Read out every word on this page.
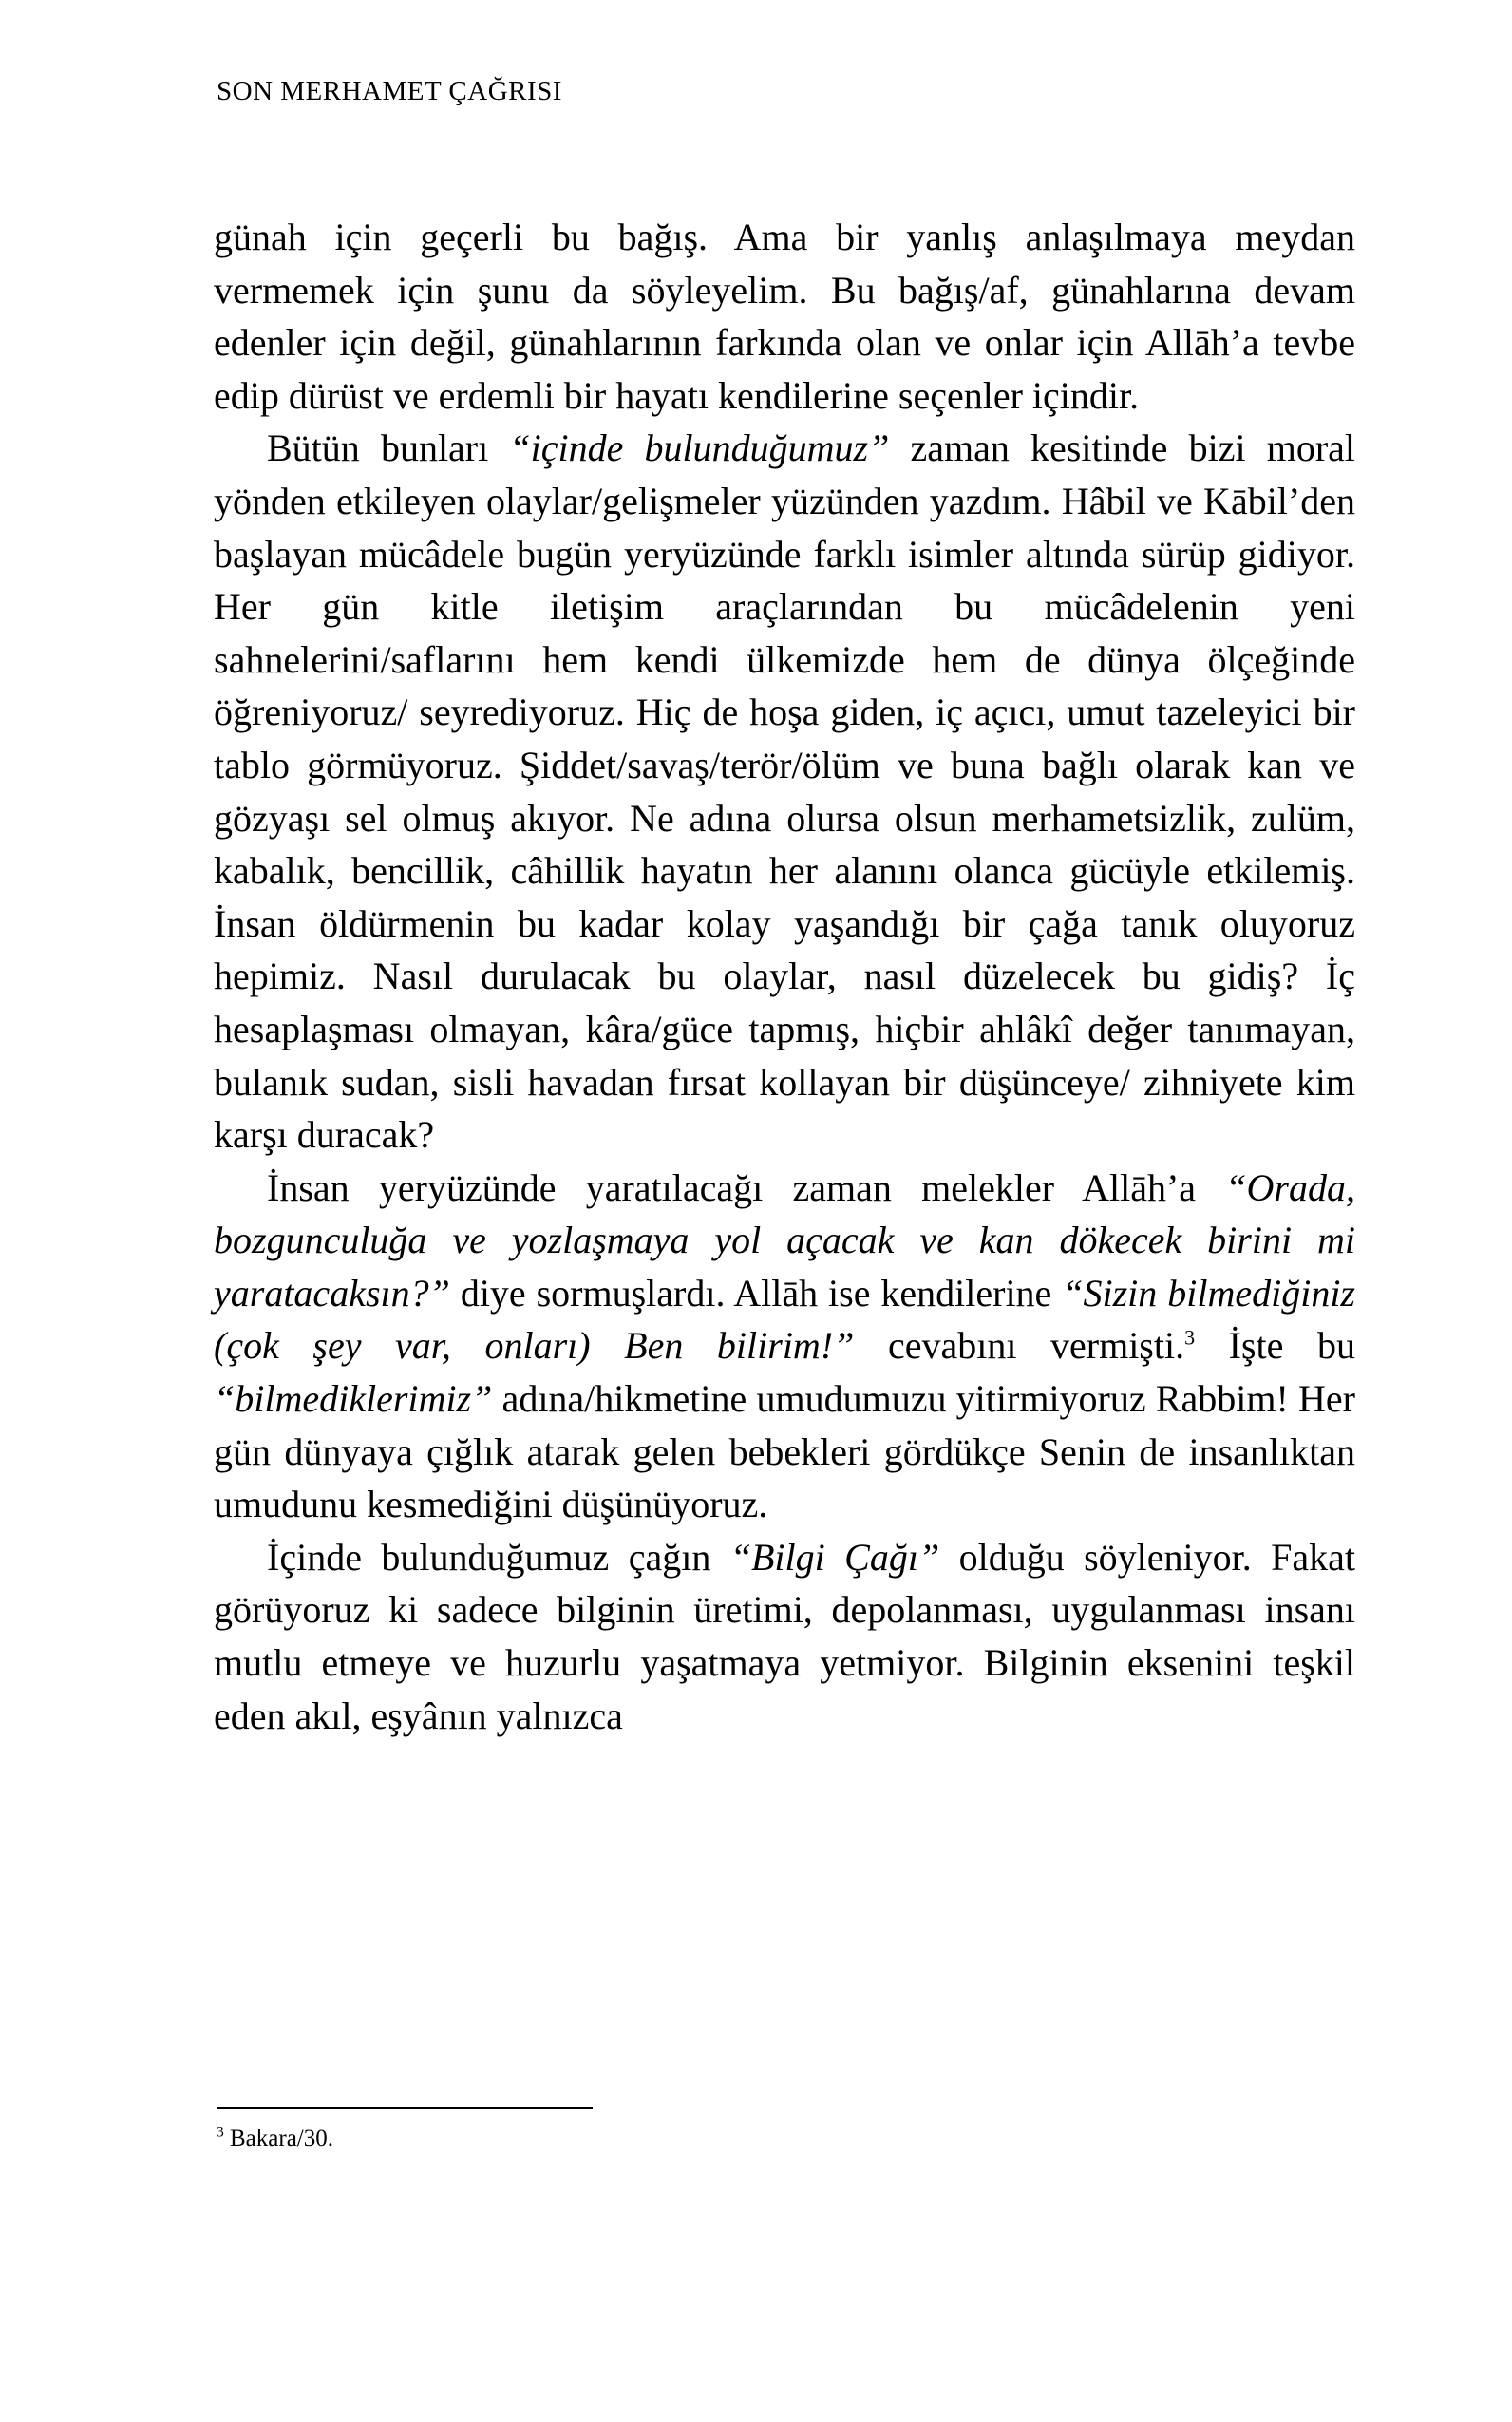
SON MERHAMET ÇAĞRISI

günah için geçerli bu bağış. Ama bir yanlış anlaşılmaya meydan vermemek için şunu da söyleyelim. Bu bağış/af, günahlarına devam edenler için değil, günahlarının farkında olan ve onlar için Allāh’a tevbe edip dürüst ve erdemli bir hayatı kendilerine seçenler içindir.

Bütün bunları “içinde bulunduğumuz” zaman kesitinde bizi moral yönden etkileyen olaylar/gelişmeler yüzünden yazdım. Hâbil ve Kābil’den başlayan mücâdele bugün yeryüzünde farklı isimler altında sürüp gidiyor. Her gün kitle iletişim araçlarından bu mücâdelenin yeni sahnelerini/saflarını hem kendi ülkemizde hem de dünya ölçeğinde öğreniyoruz/ seyrediyoruz. Hiç de hoşa giden, iç açıcı, umut tazeleyici bir tablo görmüyoruz. Şiddet/savaş/terör/ölüm ve buna bağlı olarak kan ve gözyaşı sel olmuş akıyor. Ne adına olursa olsun merhametsizlik, zulüm, kabalık, bencillik, câhillik hayatın her alanını olanca gücüyle etkilemiş. İnsan öldürmenin bu kadar kolay yaşandığı bir çağa tanık oluyoruz hepimiz. Nasıl durulacak bu olaylar, nasıl düzelecek bu gidiş? İç hesaplaşması olmayan, kâra/güce tapmış, hiçbir ahlâkî değer tanımayan, bulanık sudan, sisli havadan fırsat kollayan bir düşünceye/ zihniyete kim karşı duracak?

İnsan yeryüzünde yaratılacağı zaman melekler Allāh’a “Orada, bozgunculuğa ve yozlaşmaya yol açacak ve kan dökecek birini mi yaratacaksın?” diye sormuşlardı. Allāh ise kendilerine “Sizin bilmediğiniz (çok şey var, onları) Ben bilirim!” cevabını vermişti.$^3$ İşte bu “bilmediklerimiz” adına/hikmetine umudumuzu yitirmiyoruz Rabbim! Her gün dünyaya çığlık atarak gelen bebekleri gördükçe Senin de insanlıktan umudunu kesmediğini düşünüyoruz.

İçinde bulunduğumuz çağın “Bilgi Çağı” olduğu söyleniyor. Fakat görüyoruz ki sadece bilginin üretimi, depolanması, uygulanması insanı mutlu etmeye ve huzurlu yaşatmaya yetmiyor. Bilginin eksenini teşkil eden akıl, eşyânın yalnızca

$^3$ Bakara/30.
